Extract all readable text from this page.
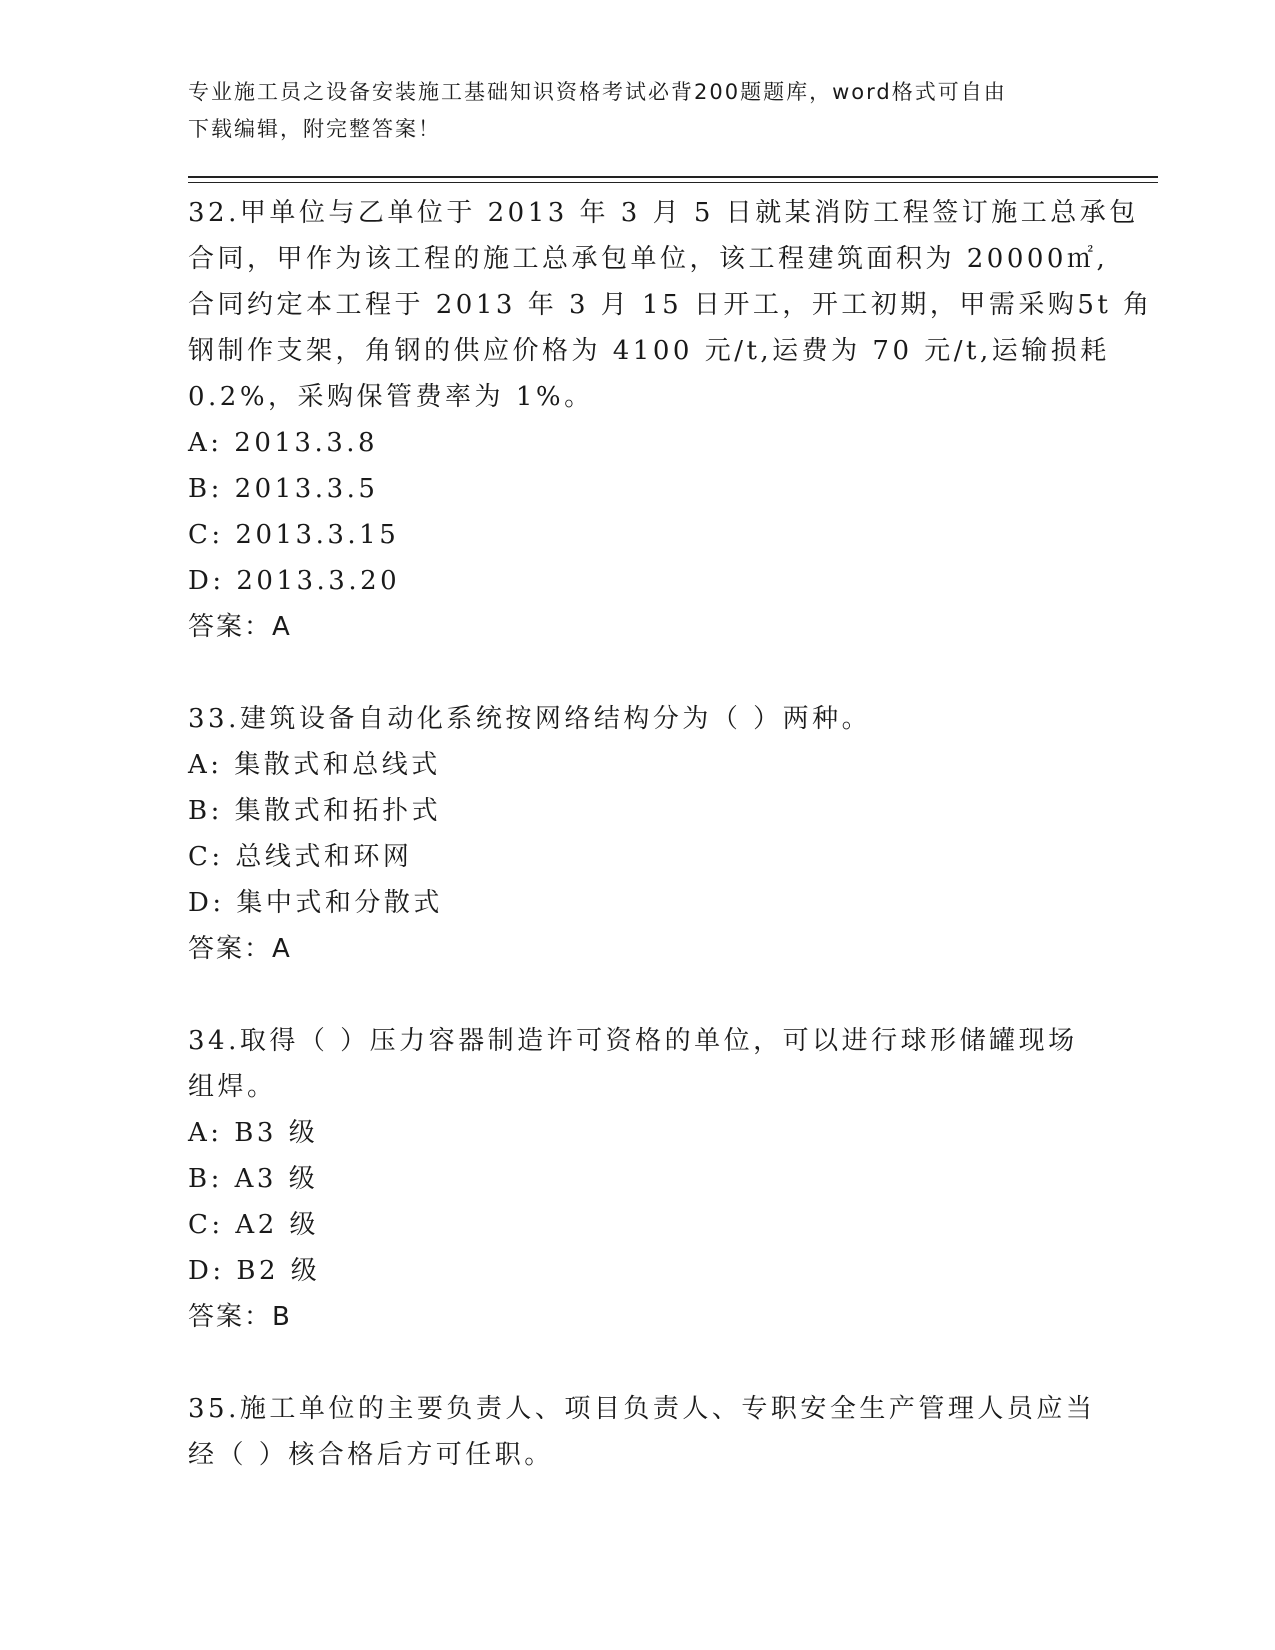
专业施工员之设备安装施工基础知识资格考试必背200题题库，word格式可自由
下载编辑，附完整答案！
32.甲单位与乙单位于 2013 年 3 月 5 日就某消防工程签订施工总承包
合同，甲作为该工程的施工总承包单位，该工程建筑面积为 20000㎡,
合同约定本工程于 2013 年 3 月 15 日开工，开工初期，甲需采购5t 角
钢制作支架，角钢的供应价格为 4100 元/t,运费为 70 元/t,运输损耗
0.2%，采购保管费率为 1%。
A: 2013.3.8
B: 2013.3.5
C: 2013.3.15
D: 2013.3.20
答案：A
33.建筑设备自动化系统按网络结构分为（ ）两种。
A: 集散式和总线式
B: 集散式和拓扑式
C: 总线式和环网
D: 集中式和分散式
答案：A
34.取得（ ）压力容器制造许可资格的单位，可以进行球形储罐现场
组焊。
A: B3 级
B: A3 级
C: A2 级
D: B2 级
答案：B
35.施工单位的主要负责人、项目负责人、专职安全生产管理人员应当
经（ ）核合格后方可任职。
